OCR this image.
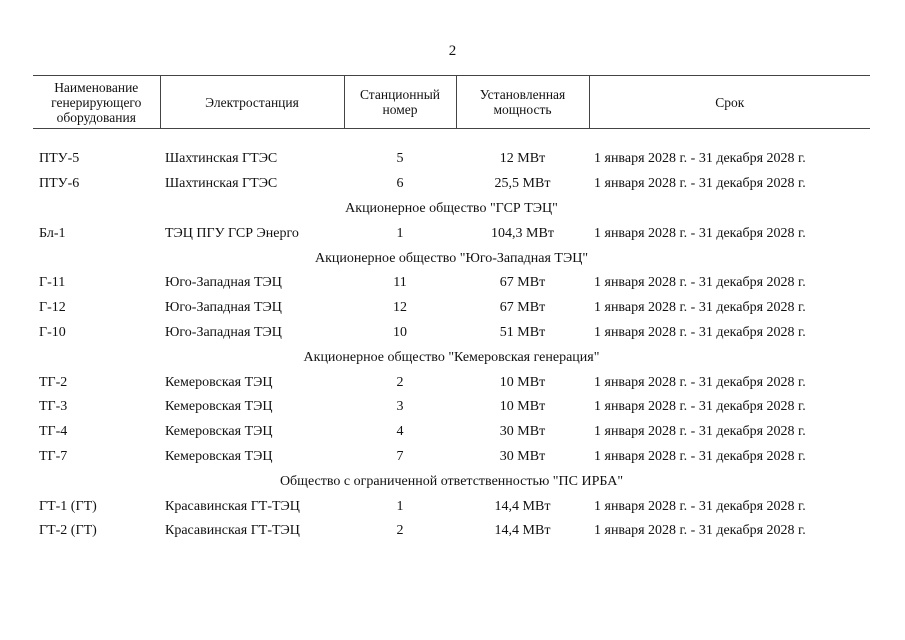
2
Наименование генерирующего оборудования	Электростанция	Станционный номер	Установленная мощность	Срок

ПТУ-5	Шахтинская ГТЭС	5	12 МВт	1 января 2028 г. - 31 декабря 2028 г.
ПТУ-6	Шахтинская ГТЭС	6	25,5 МВт	1 января 2028 г. - 31 декабря 2028 г.
Акционерное общество "ГСР ТЭЦ"				
Бл-1	ТЭЦ ПГУ ГСР Энерго	1	104,3 МВт	1 января 2028 г. - 31 декабря 2028 г.
Акционерное общество "Юго-Западная ТЭЦ"				
Г-11	Юго-Западная ТЭЦ	11	67 МВт	1 января 2028 г. - 31 декабря 2028 г.
Г-12	Юго-Западная ТЭЦ	12	67 МВт	1 января 2028 г. - 31 декабря 2028 г.
Г-10	Юго-Западная ТЭЦ	10	51 МВт	1 января 2028 г. - 31 декабря 2028 г.
Акционерное общество "Кемеровская генерация"				
ТГ-2	Кемеровская ТЭЦ	2	10 МВт	1 января 2028 г. - 31 декабря 2028 г.
ТГ-3	Кемеровская ТЭЦ	3	10 МВт	1 января 2028 г. - 31 декабря 2028 г.
ТГ-4	Кемеровская ТЭЦ	4	30 МВт	1 января 2028 г. - 31 декабря 2028 г.
ТГ-7	Кемеровская ТЭЦ	7	30 МВт	1 января 2028 г. - 31 декабря 2028 г.
Общество с ограниченной ответственностью "ПС ИРБА"				
ГТ-1 (ГТ)	Красавинская ГТ-ТЭЦ	1	14,4 МВт	1 января 2028 г. - 31 декабря 2028 г.
ГТ-2 (ГТ)	Красавинская ГТ-ТЭЦ	2	14,4 МВт	1 января 2028 г. - 31 декабря 2028 г.
